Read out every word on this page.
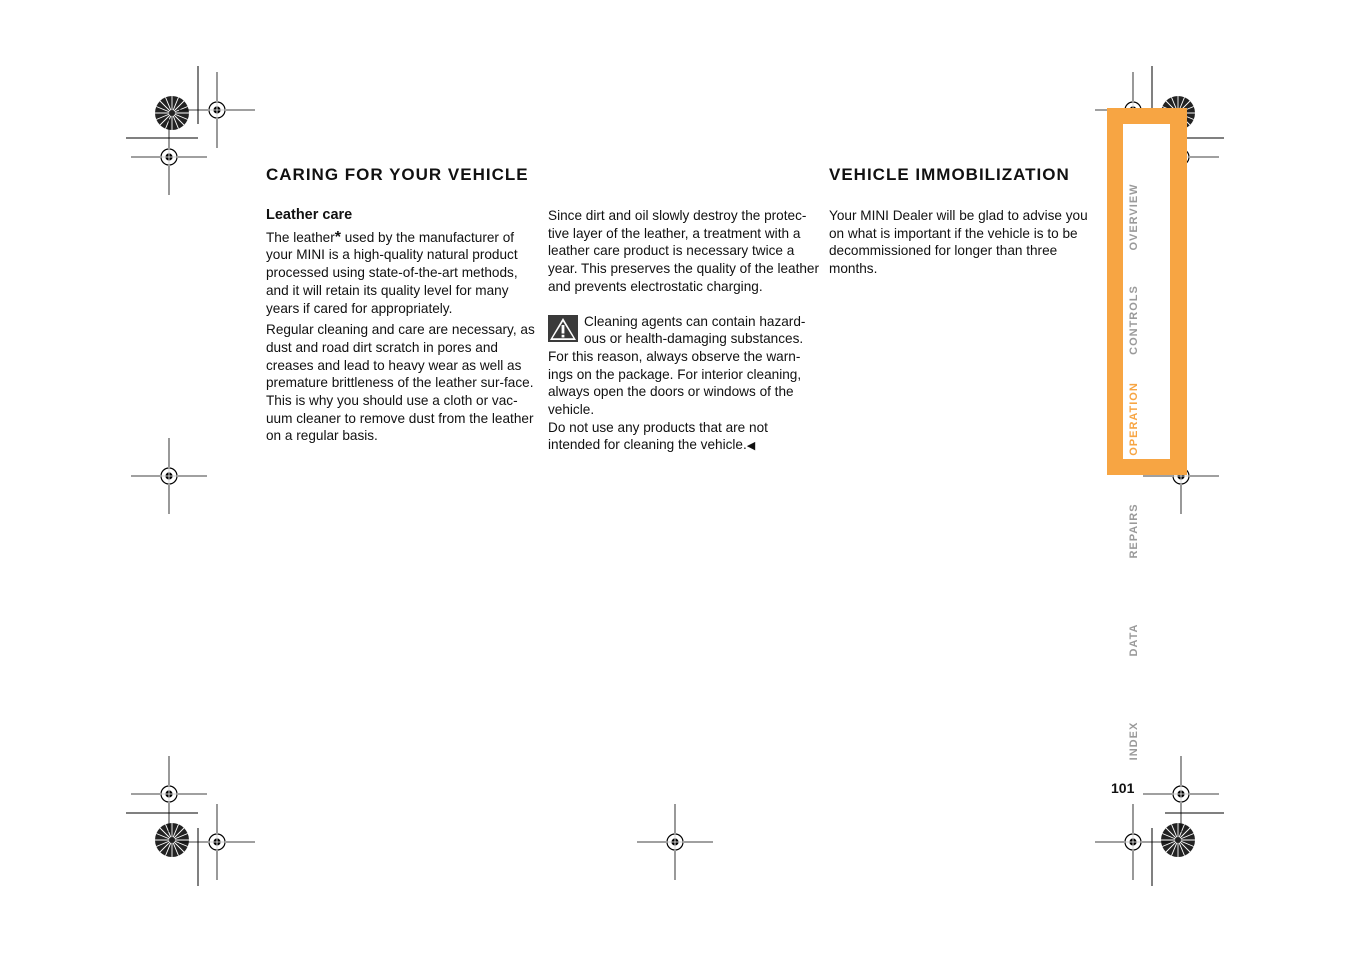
CARING FOR YOUR VEHICLE	VEHICLE IMMOBILIZATION

Leather care

The leather* used by the manufacturer of your MINI is a high-quality natural product processed using state-of-the-art methods, and it will retain its quality level for many years if cared for appropriately.

Regular cleaning and care are necessary, as dust and road dirt scratch in pores and creases and lead to heavy wear as well as premature brittleness of the leather sur-face.

This is why you should use a cloth or vac-uum cleaner to remove dust from the leather on a regular basis.

Since dirt and oil slowly destroy the protec-tive layer of the leather, a treatment with a leather care product is necessary twice a year. This preserves the quality of the leather and prevents electrostatic charging.

Cleaning agents can contain hazard-ous or health-damaging substances.

For this reason, always observe the warn-ings on the package. For interior cleaning, always open the doors or windows of the vehicle.

Do not use any products that are not intended for cleaning the vehicle.◀

Your MINI Dealer will be glad to advise you on what is important if the vehicle is to be decommissioned for longer than three months.

OVERVIEW
CONTROLS
OPERATION
REPAIRS
DATA
INDEX
101
